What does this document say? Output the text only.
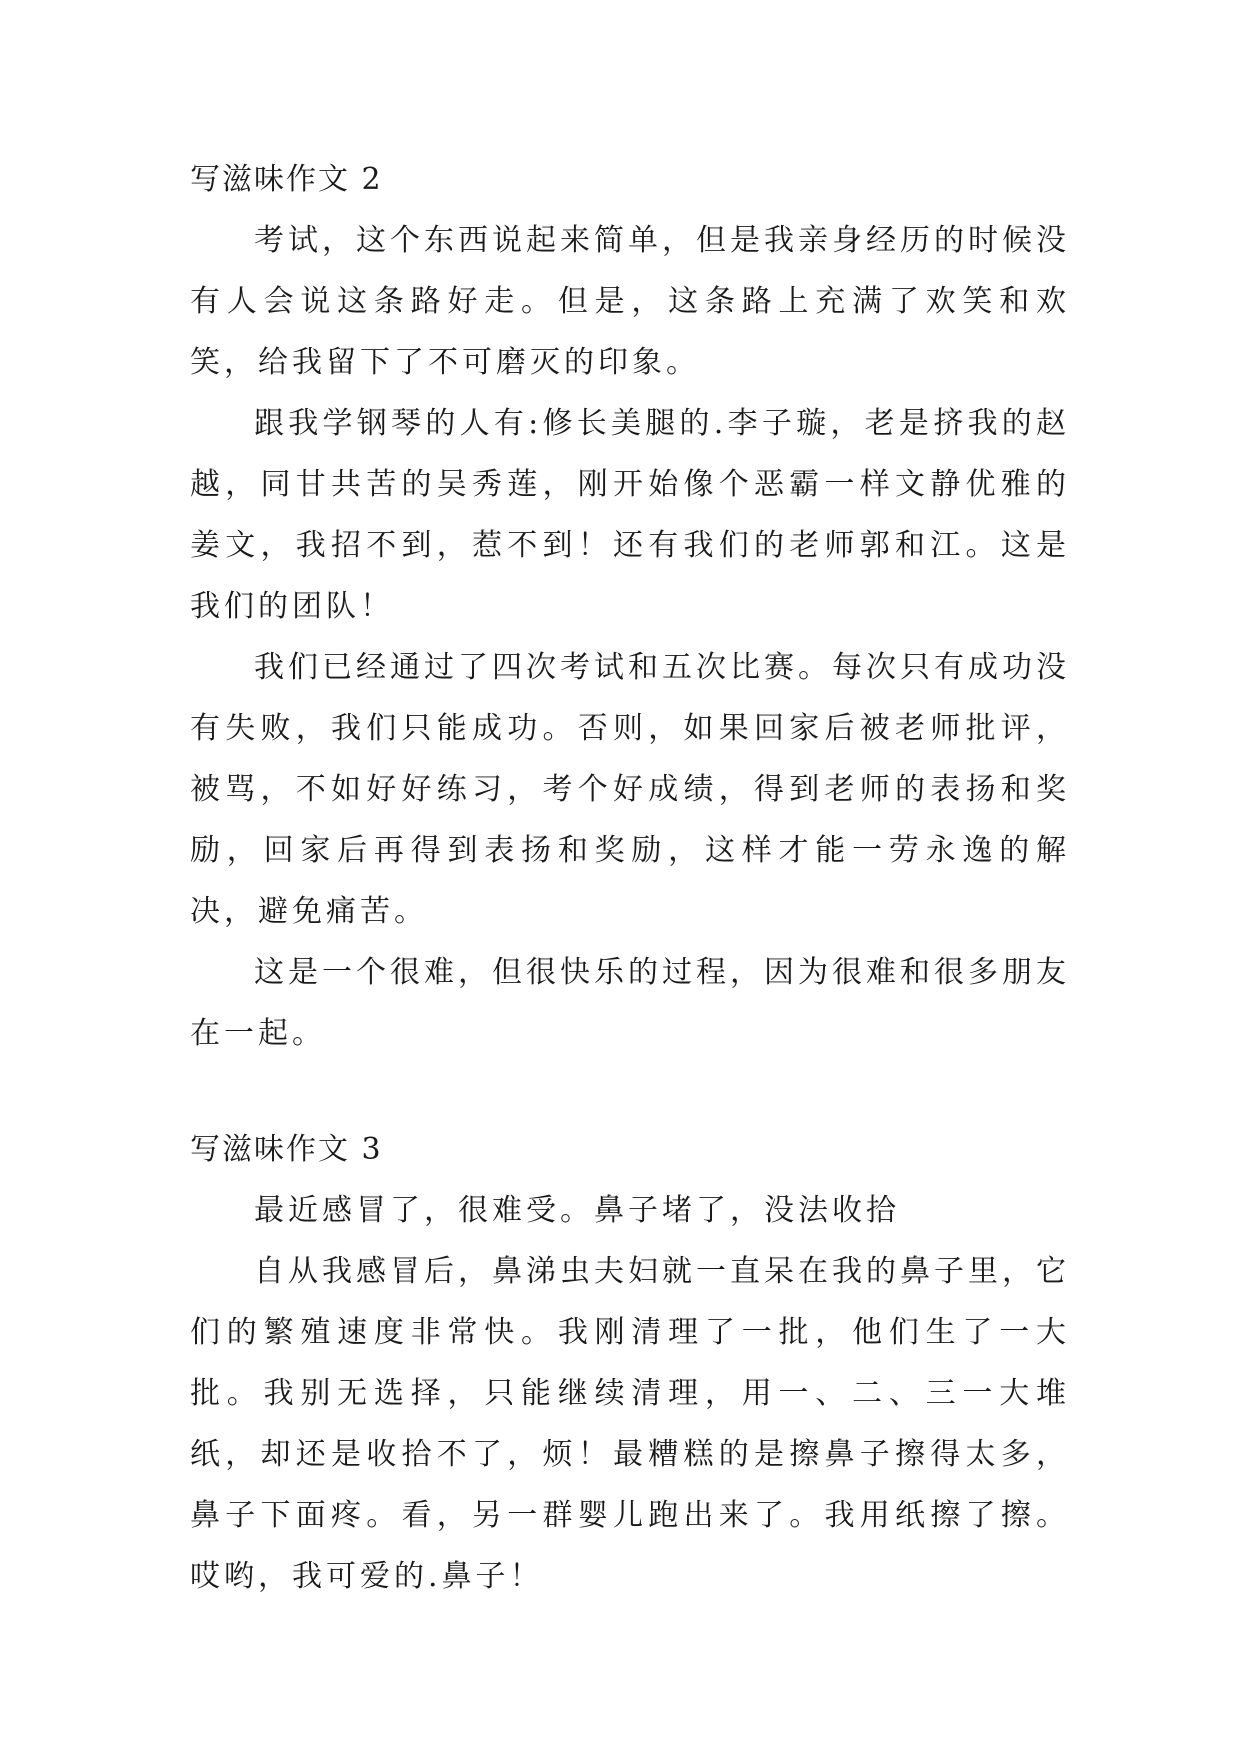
写滋味作文 2

考试，这个东西说起来简单，但是我亲身经历的时候没有人会说这条路好走。但是，这条路上充满了欢笑和欢笑，给我留下了不可磨灭的印象。

跟我学钢琴的人有:修长美腿的.李子璇，老是挤我的赵越，同甘共苦的吴秀莲，刚开始像个恶霸一样文静优雅的姜文，我招不到，惹不到！还有我们的老师郭和江。这是我们的团队！

我们已经通过了四次考试和五次比赛。每次只有成功没有失败，我们只能成功。否则，如果回家后被老师批评，被骂，不如好好练习，考个好成绩，得到老师的表扬和奖励，回家后再得到表扬和奖励，这样才能一劳永逸的解决，避免痛苦。

这是一个很难，但很快乐的过程，因为很难和很多朋友在一起。

写滋味作文 3

最近感冒了，很难受。鼻子堵了，没法收拾

自从我感冒后，鼻涕虫夫妇就一直呆在我的鼻子里，它们的繁殖速度非常快。我刚清理了一批，他们生了一大批。我别无选择，只能继续清理，用一、二、三一大堆纸，却还是收拾不了，烦！最糟糕的是擦鼻子擦得太多，鼻子下面疼。看，另一群婴儿跑出来了。我用纸擦了擦。哎哟，我可爱的.鼻子！
